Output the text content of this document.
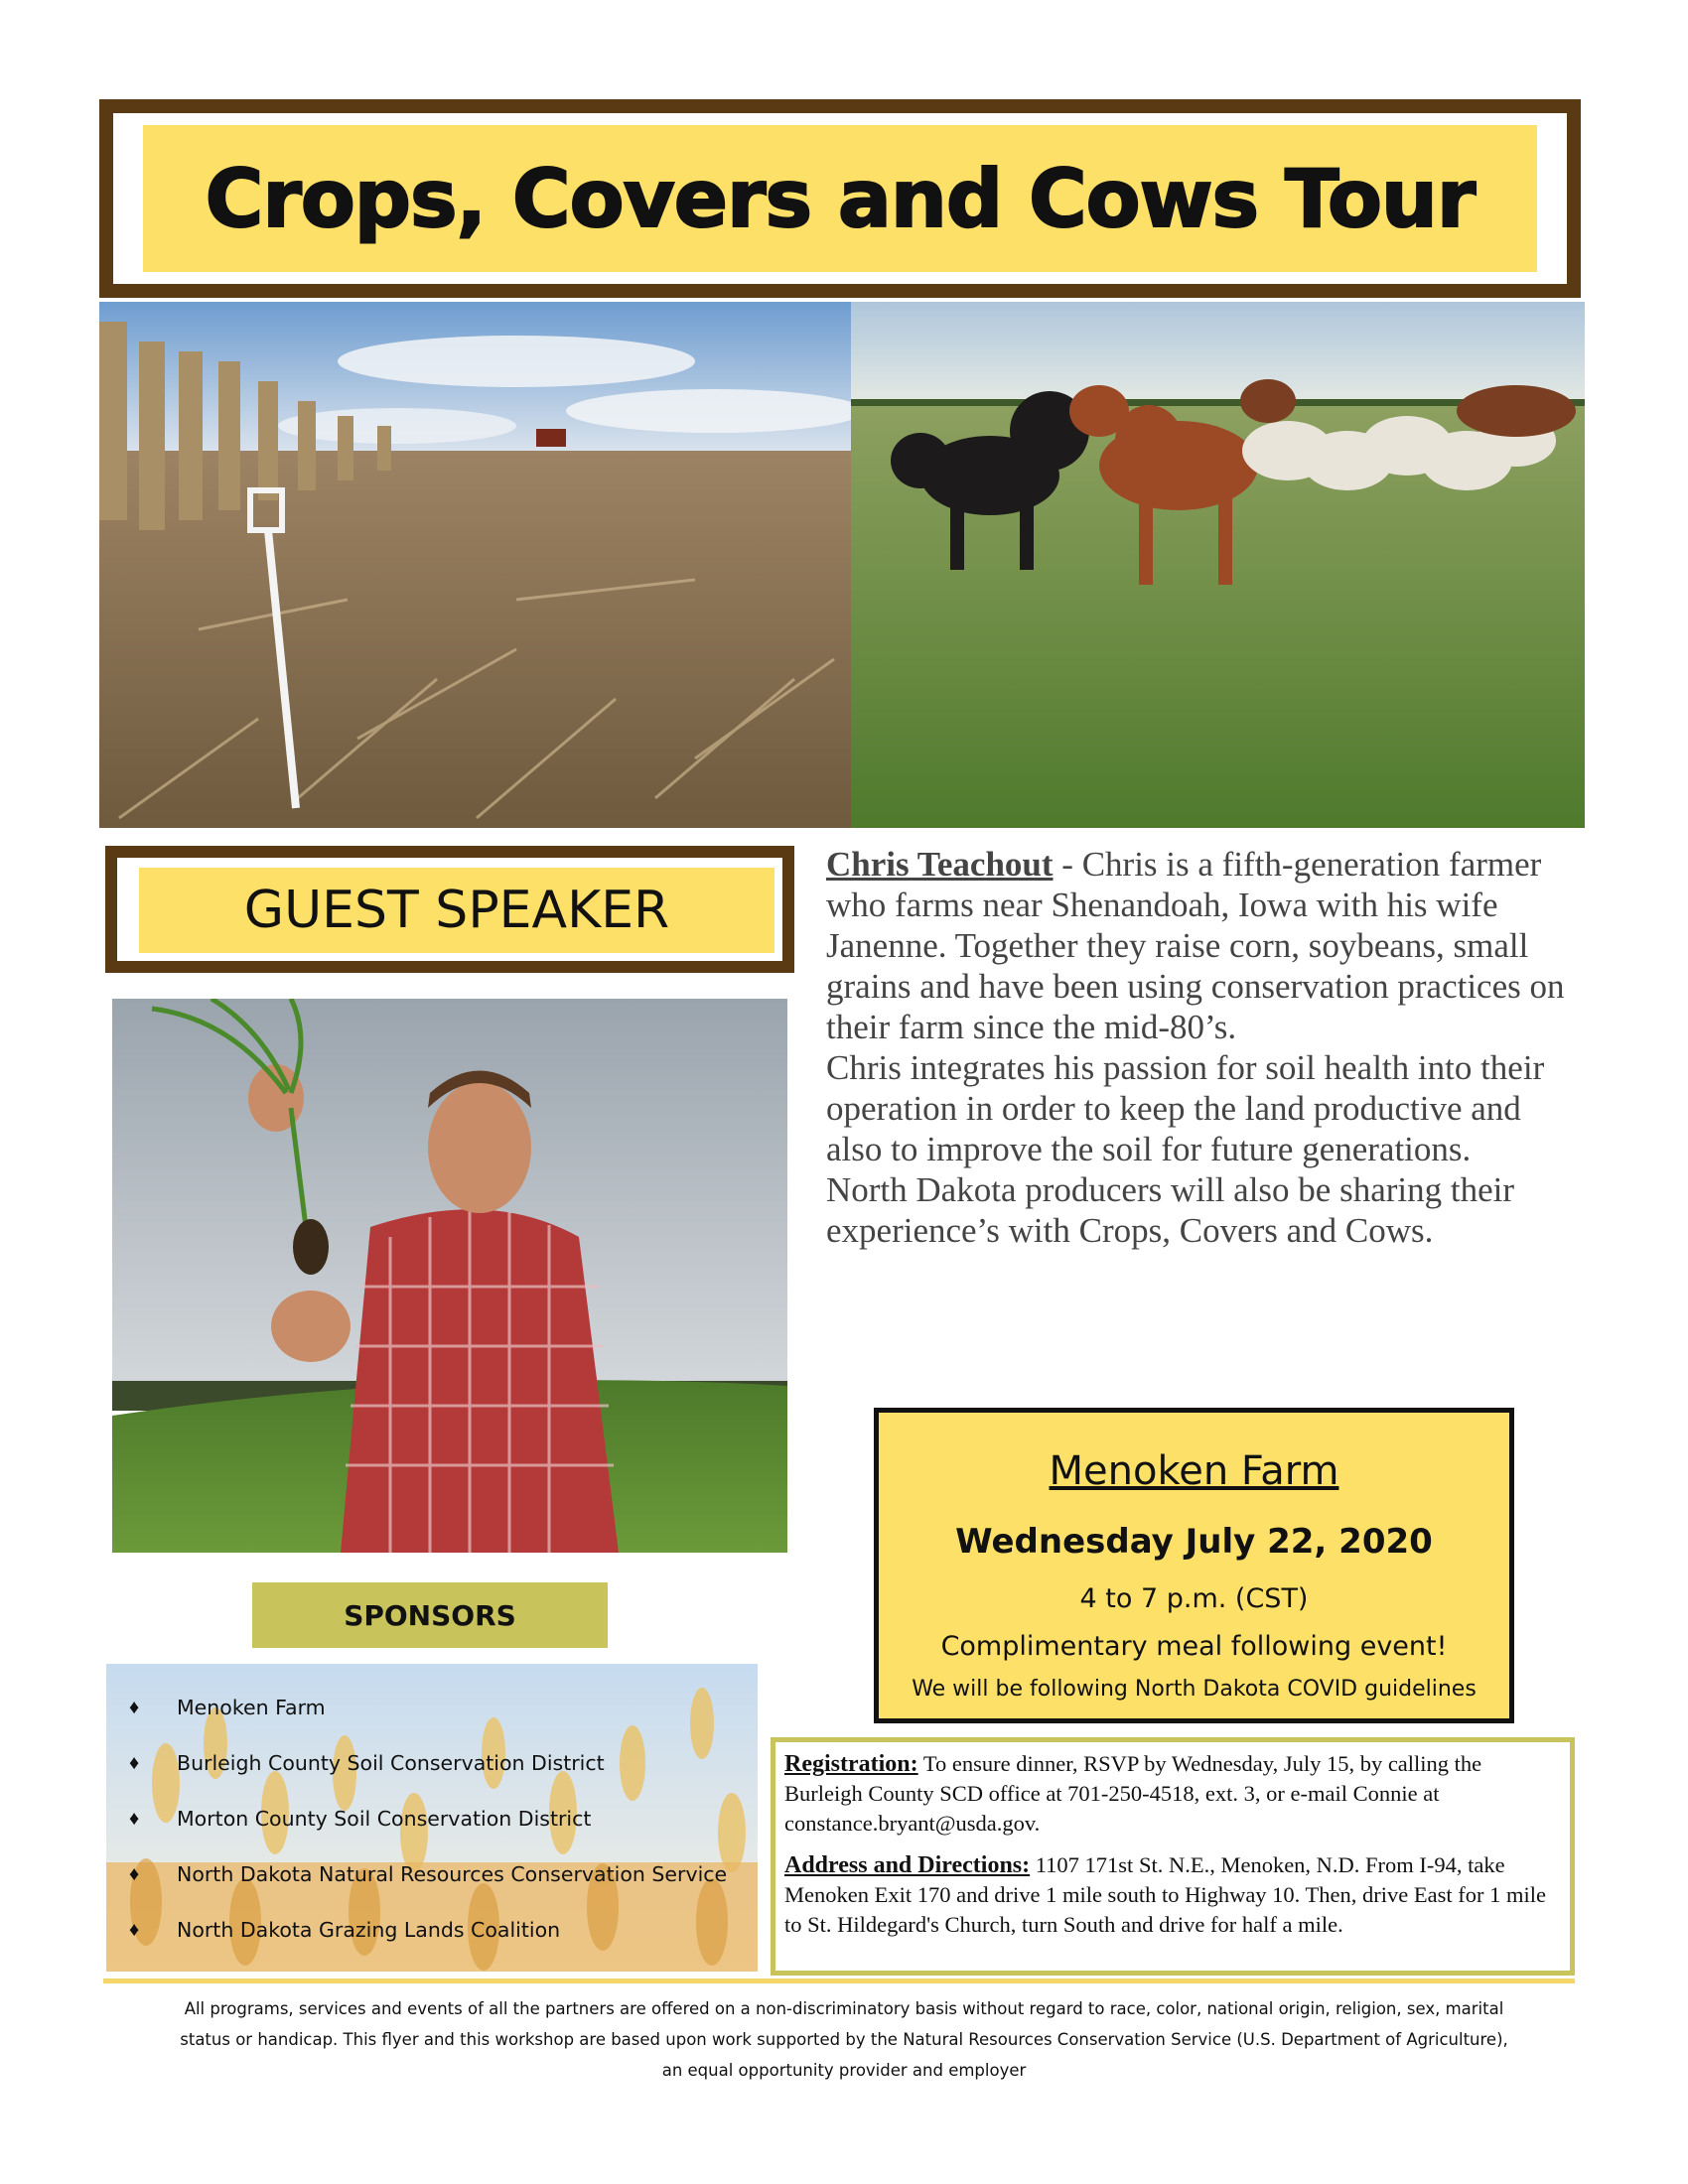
Crops, Covers and Cows Tour
GUEST SPEAKER

Chris Teachout - Chris is a fifth-generation farmer who farms near Shenandoah, Iowa with his wife Janenne. Together they raise corn, soybeans, small grains and have been using conservation practices on their farm since the mid-80’s.

Chris integrates his passion for soil health into their operation in order to keep the land productive and also to improve the soil for future generations.

North Dakota producers will also be sharing their experience’s with Crops, Covers and Cows.

Menoken Farm
Wednesday July 22, 2020
4 to 7 p.m. (CST)
Complimentary meal following event!
We will be following North Dakota COVID guidelines
SPONSORS
♦	Menoken Farm
♦	Burleigh County Soil Conservation District
♦	Morton County Soil Conservation District
♦	North Dakota Natural Resources Conservation Service
♦	North Dakota Grazing Lands Coalition

Registration: To ensure dinner, RSVP by Wednesday, July 15, by calling the Burleigh County SCD office at 701-250-4518, ext. 3, or e-mail Connie at constance.bryant@usda.gov.

Address and Directions: 1107 171st St. N.E., Menoken, N.D. From I-94, take Menoken Exit 170 and drive 1 mile south to Highway 10. Then, drive East for 1 mile to St. Hildegard's Church, turn South and drive for half a mile.

All programs, services and events of all the partners are offered on a non-discriminatory basis without regard to race, color, national origin, religion, sex, marital
status or handicap. This flyer and this workshop are based upon work supported by the Natural Resources Conservation Service (U.S. Department of Agriculture),
an equal opportunity provider and employer
